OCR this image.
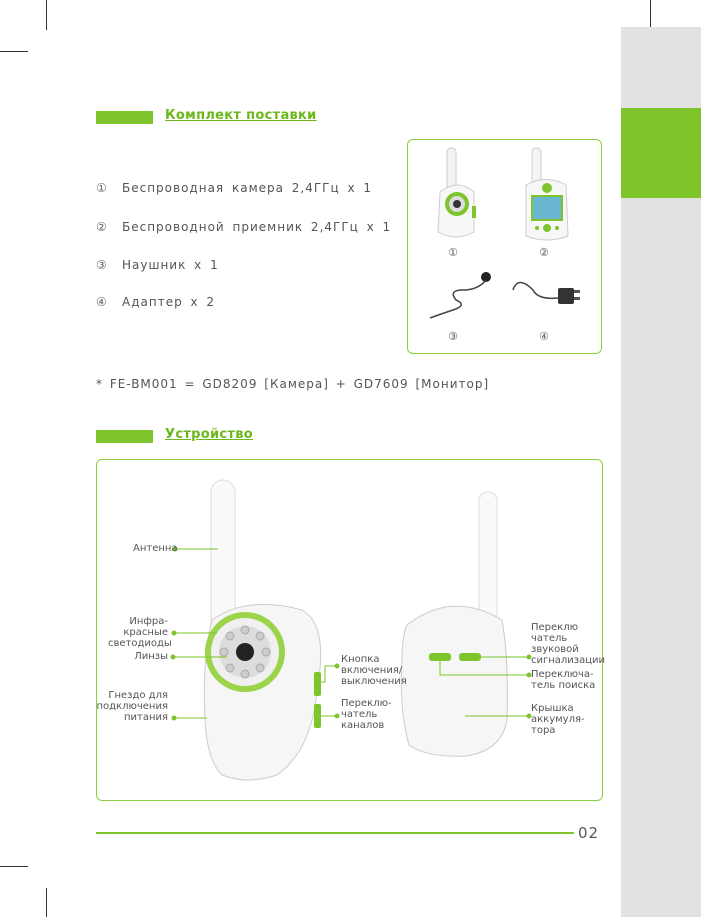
Комплект поставки
① Беспроводная камера 2,4ГГц х 1
② Беспроводной приемник 2,4ГГц х 1
③ Наушник х 1
④ Адаптер х 2
①	②
③	④
* FE-BM001 = GD8209 [Камера] + GD7609 [Монитор]
Устройство
Антенна
Инфра-
красные
светодиоды
Линзы
Гнездо для
подключения
питания
Кнопка
включения/
выключения
Переклю-
чатель
каналов
Переклю
чатель
звуковой
сигнализации
Переключа-
тель поиска
Крышка
аккумуля-
тора
02
